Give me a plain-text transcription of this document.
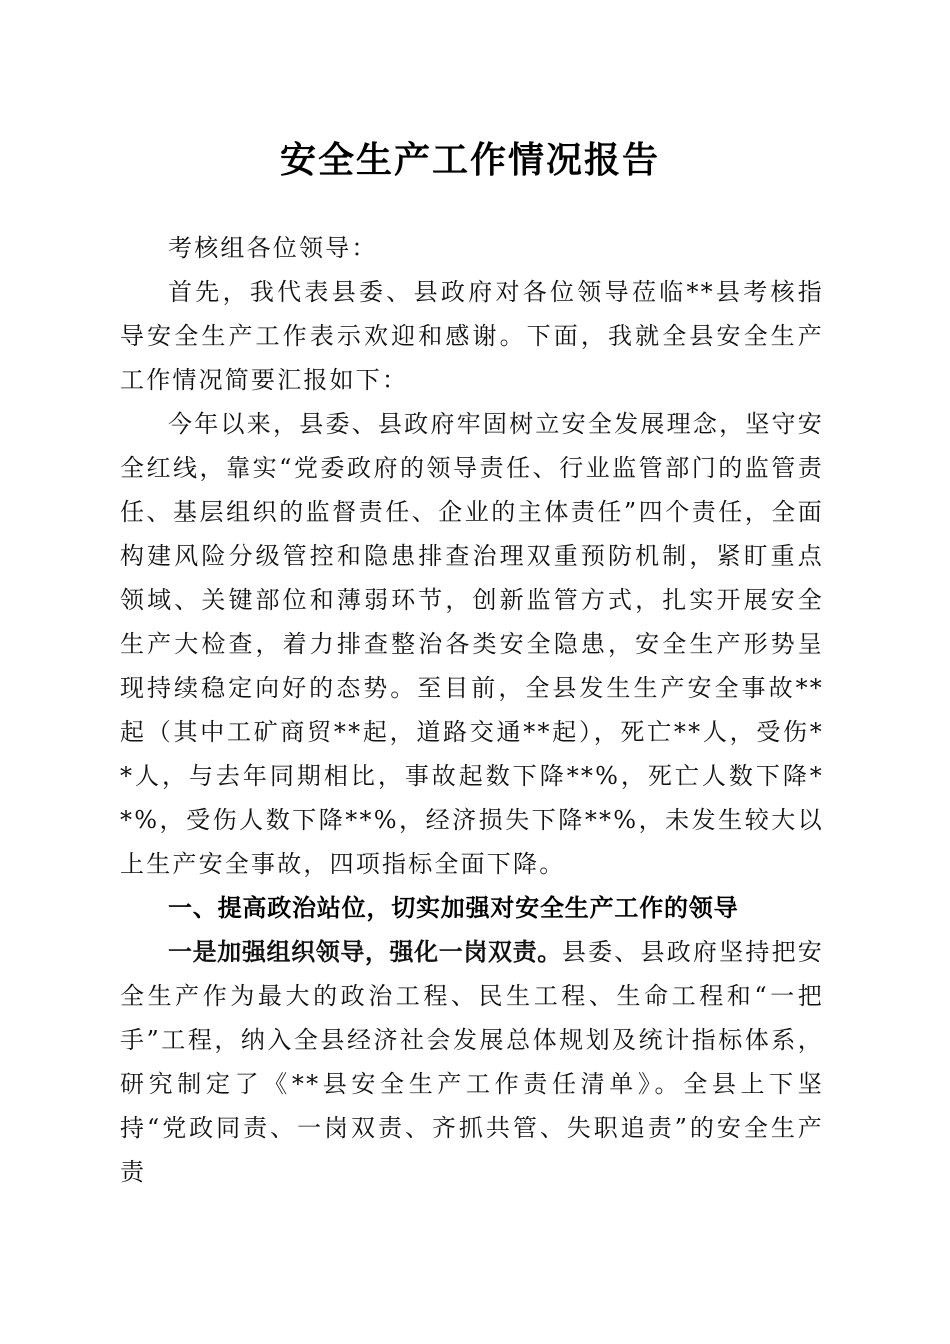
安全生产工作情况报告

考核组各位领导：

首先，我代表县委、县政府对各位领导莅临**县考核指导安全生产工作表示欢迎和感谢。下面，我就全县安全生产工作情况简要汇报如下：

今年以来，县委、县政府牢固树立安全发展理念，坚守安全红线，靠实“党委政府的领导责任、行业监管部门的监管责任、基层组织的监督责任、企业的主体责任”四个责任，全面构建风险分级管控和隐患排查治理双重预防机制，紧盯重点领域、关键部位和薄弱环节，创新监管方式，扎实开展安全生产大检查，着力排查整治各类安全隐患，安全生产形势呈现持续稳定向好的态势。至目前，全县发生生产安全事故**起（其中工矿商贸**起，道路交通**起），死亡**人，受伤**人，与去年同期相比，事故起数下降**%，死亡人数下降**%，受伤人数下降**%，经济损失下降**%，未发生较大以上生产安全事故，四项指标全面下降。

一、提高政治站位，切实加强对安全生产工作的领导

一是加强组织领导，强化一岗双责。县委、县政府坚持把安全生产作为最大的政治工程、民生工程、生命工程和“一把手”工程，纳入全县经济社会发展总体规划及统计指标体系，研究制定了《**县安全生产工作责任清单》。全县上下坚持“党政同责、一岗双责、齐抓共管、失职追责”的安全生产责
